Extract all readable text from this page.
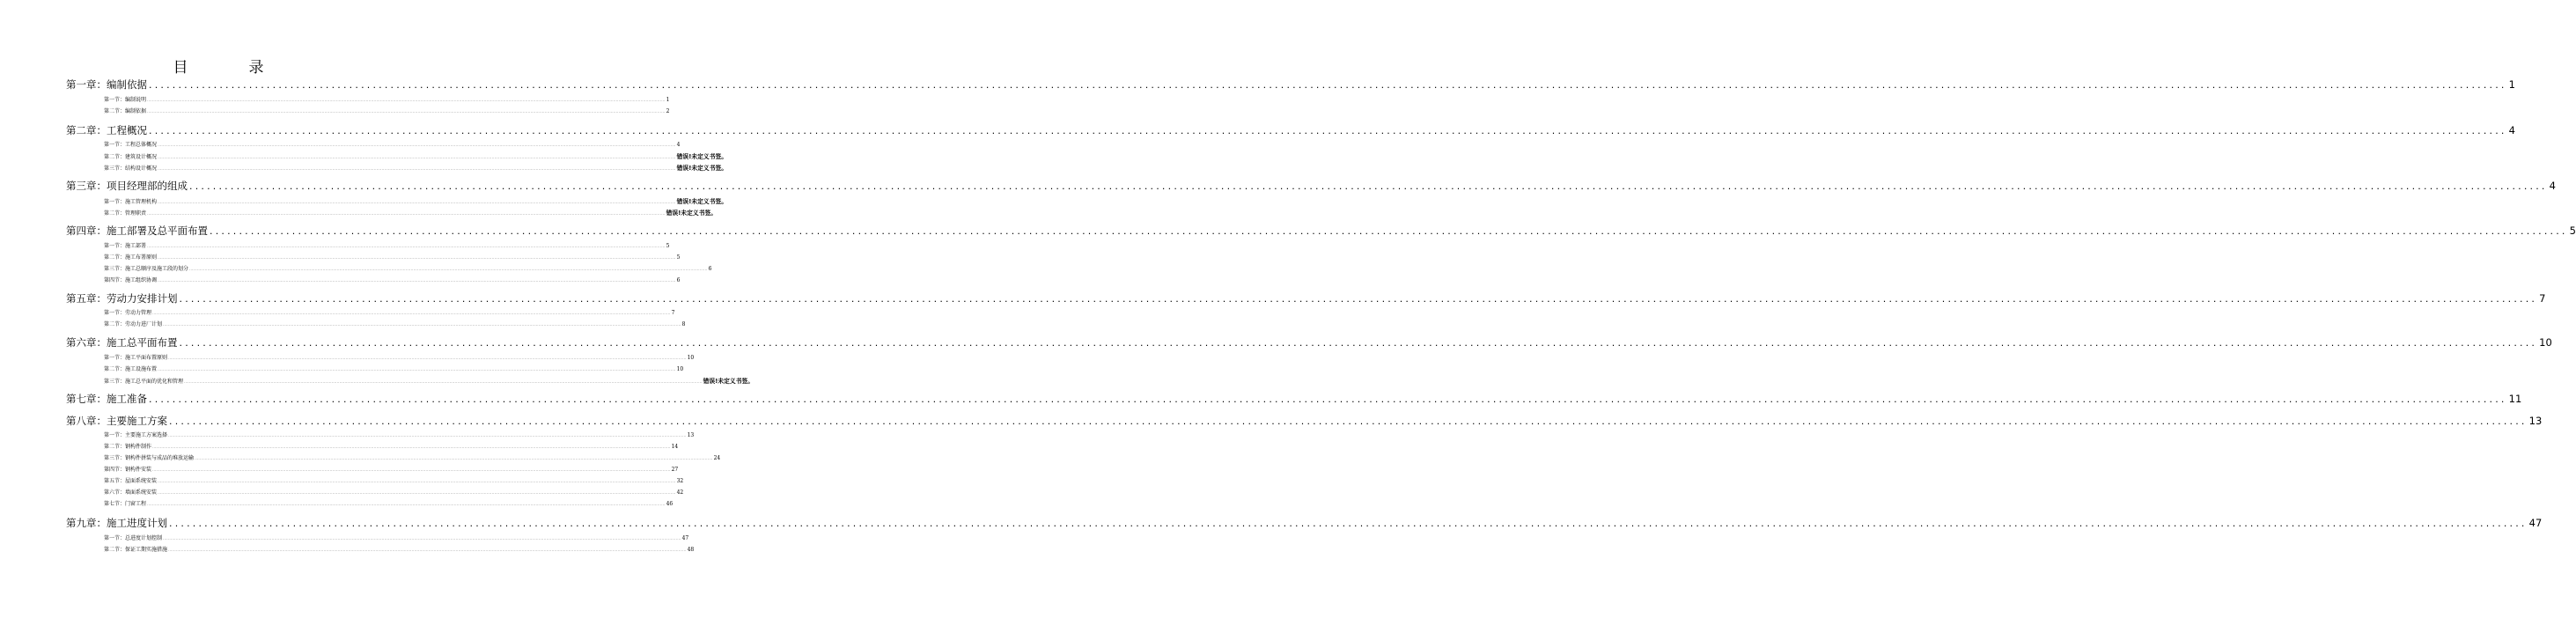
目　录
第一章：编制依据 ................................................................................................................................................................................................................................................................................................................................................................................................................ 1
第一节：编制说明 ................................................................................................................................................................................................................................................................................................................................................................................................................ 1
第二节：编制依据 ................................................................................................................................................................................................................................................................................................................................................................................................................ 2
第二章：工程概况 ................................................................................................................................................................................................................................................................................................................................................................................................................ 4
第一节：工程总体概况 ................................................................................................................................................................................................................................................................................................................................................................................................................ 4
第二节：建筑设计概况 ................................................................................................................................................................................................................................................................................................................................................................................................................ 错误!未定义书签。
第三节：结构设计概况 ................................................................................................................................................................................................................................................................................................................................................................................................................ 错误!未定义书签。
第三章：项目经理部的组成 ................................................................................................................................................................................................................................................................................................................................................................................................................ 4
第一节：施工管理机构 ................................................................................................................................................................................................................................................................................................................................................................................................................ 错误!未定义书签。
第二节：管理职责 ................................................................................................................................................................................................................................................................................................................................................................................................................ 错误!未定义书签。
第四章：施工部署及总平面布置 ................................................................................................................................................................................................................................................................................................................................................................................................................ 5
第一节：施工部署 ................................................................................................................................................................................................................................................................................................................................................................................................................ 5
第二节：施工布署原则 ................................................................................................................................................................................................................................................................................................................................................................................................................ 5
第三节：施工总顺序及施工段的划分 ................................................................................................................................................................................................................................................................................................................................................................................................................ 6
第四节：施工组织协调 ................................................................................................................................................................................................................................................................................................................................................................................................................ 6
第五章：劳动力安排计划 ................................................................................................................................................................................................................................................................................................................................................................................................................ 7
第一节：劳动力管理 ................................................................................................................................................................................................................................................................................................................................................................................................................ 7
第二节：劳动力进厂计划 ................................................................................................................................................................................................................................................................................................................................................................................................................ 8
第六章：施工总平面布置 ................................................................................................................................................................................................................................................................................................................................................................................................................ 10
第一节：施工平面布置原则 ................................................................................................................................................................................................................................................................................................................................................................................................................ 10
第二节：施工设施布置 ................................................................................................................................................................................................................................................................................................................................................................................................................ 10
第三节：施工总平面的优化和管理 ................................................................................................................................................................................................................................................................................................................................................................................................................ 错误!未定义书签。
第七章：施工准备 ................................................................................................................................................................................................................................................................................................................................................................................................................ 11
第八章：主要施工方案 ................................................................................................................................................................................................................................................................................................................................................................................................................ 13
第一节：主要施工方案选择 ................................................................................................................................................................................................................................................................................................................................................................................................................ 13
第二节：钢构件制作 ................................................................................................................................................................................................................................................................................................................................................................................................................ 14
第三节：钢构件拼装与成品的堆放运输 ................................................................................................................................................................................................................................................................................................................................................................................................................ 24
第四节：钢构件安装 ................................................................................................................................................................................................................................................................................................................................................................................................................ 27
第五节：屋面系统安装 ................................................................................................................................................................................................................................................................................................................................................................................................................ 32
第六节：墙面系统安装 ................................................................................................................................................................................................................................................................................................................................................................................................................ 42
第七节：门窗工程 ................................................................................................................................................................................................................................................................................................................................................................................................................ 46
第九章：施工进度计划 ................................................................................................................................................................................................................................................................................................................................................................................................................ 47
第一节：总进度计划控制 ................................................................................................................................................................................................................................................................................................................................................................................................................ 47
第二节：保证工期实施措施 ................................................................................................................................................................................................................................................................................................................................................................................................................ 48
